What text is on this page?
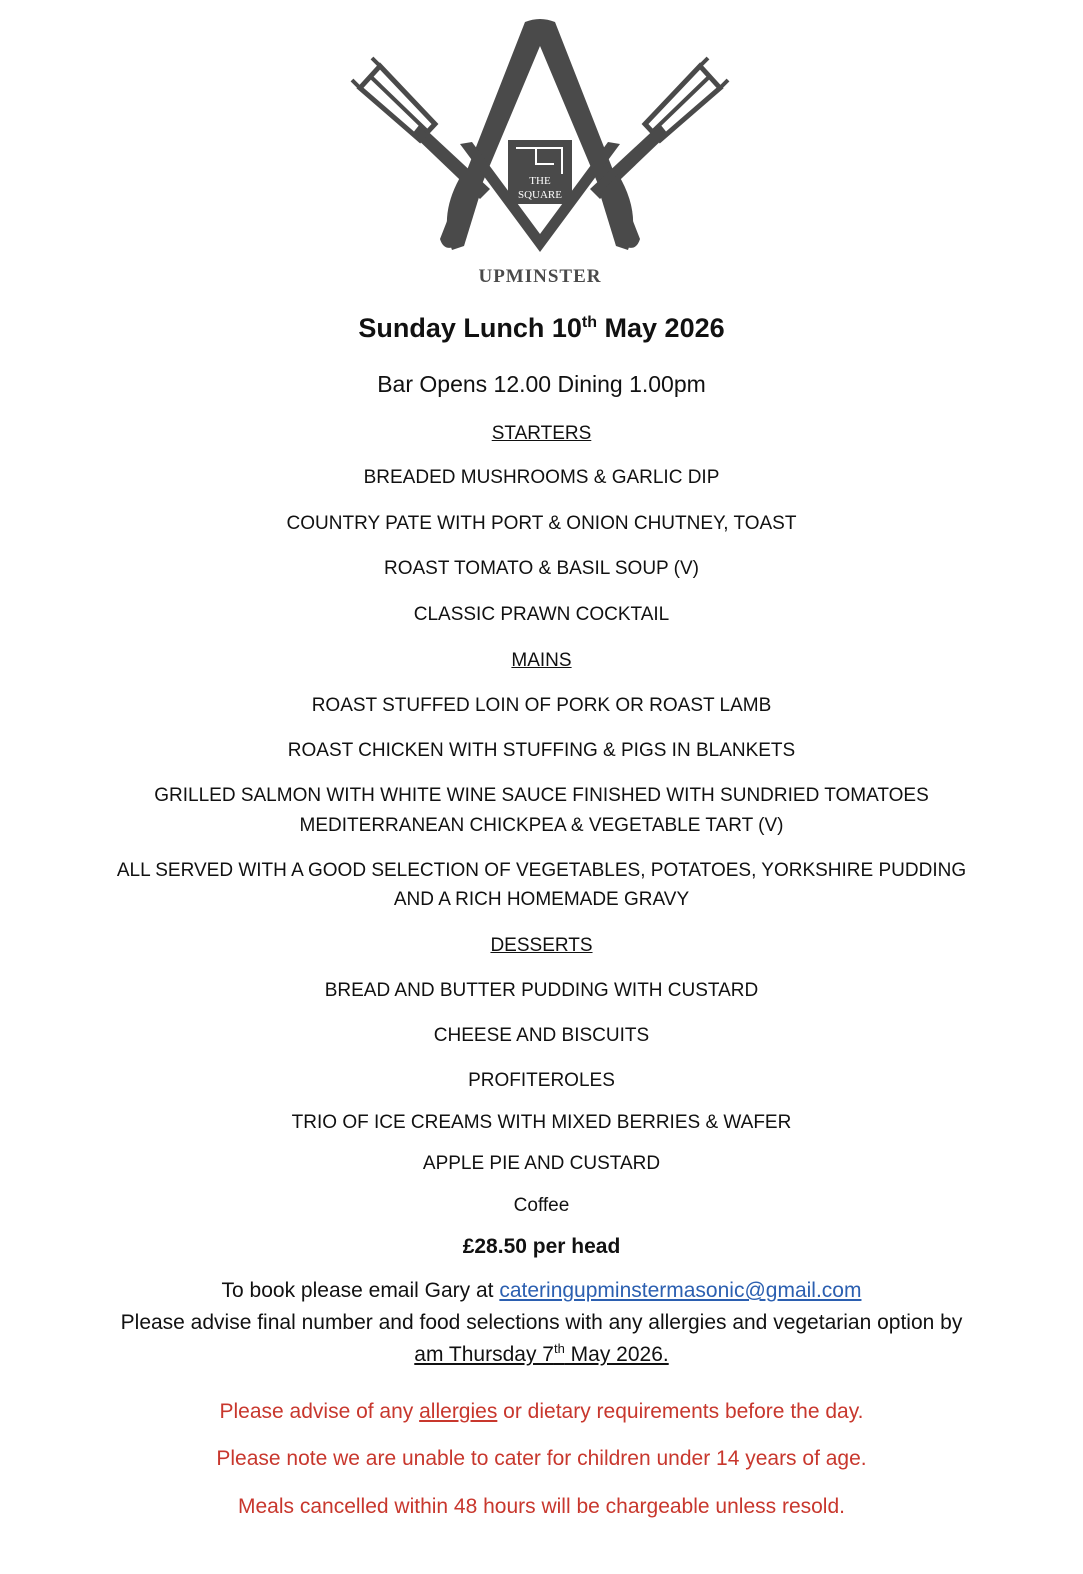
THE
SQUARE
UPMINSTER
Sunday Lunch 10th May 2026
Bar Opens 12.00 Dining 1.00pm
STARTERS
BREADED MUSHROOMS & GARLIC DIP
COUNTRY PATE WITH PORT & ONION CHUTNEY, TOAST
ROAST TOMATO & BASIL SOUP (V)
CLASSIC PRAWN COCKTAIL
MAINS
ROAST STUFFED LOIN OF PORK OR ROAST LAMB
ROAST CHICKEN WITH STUFFING & PIGS IN BLANKETS
GRILLED SALMON WITH WHITE WINE SAUCE FINISHED WITH SUNDRIED TOMATOES
MEDITERRANEAN CHICKPEA & VEGETABLE TART (V)
ALL SERVED WITH A GOOD SELECTION OF VEGETABLES, POTATOES, YORKSHIRE PUDDING
AND A RICH HOMEMADE GRAVY
DESSERTS
BREAD AND BUTTER PUDDING WITH CUSTARD
CHEESE AND BISCUITS
PROFITEROLES
TRIO OF ICE CREAMS WITH MIXED BERRIES & WAFER
APPLE PIE AND CUSTARD
Coffee
£28.50 per head
To book please email Gary at cateringupminstermasonic@gmail.com
Please advise final number and food selections with any allergies and vegetarian option by
am Thursday 7th May 2026.
Please advise of any allergies or dietary requirements before the day.
Please note we are unable to cater for children under 14 years of age.
Meals cancelled within 48 hours will be chargeable unless resold.
